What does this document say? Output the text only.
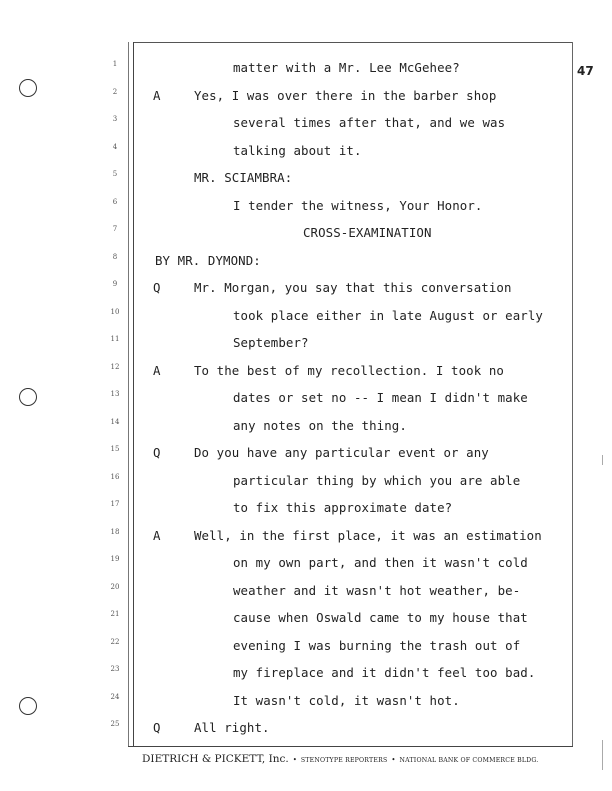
47
1
2
3
4
5
6
7
8
9
10
11
12
13
14
15
16
17
18
19
20
21
22
23
24
25
matter with a Mr. Lee McGehee?
A	Yes, I was over there in the barber shop
several times after that, and we was
talking about it.
MR. SCIAMBRA:
I tender the witness, Your Honor.
CROSS-EXAMINATION
BY MR. DYMOND:
Q	Mr. Morgan, you say that this conversation
took place either in late August or early
September?
A	To the best of my recollection. I took no
dates or set no -- I mean I didn't make
any notes on the thing.
Q	Do you have any particular event or any
particular thing by which you are able
to fix this approximate date?
A	Well, in the first place, it was an estimation
on my own part, and then it wasn't cold
weather and it wasn't hot weather, be-
cause when Oswald came to my house that
evening I was burning the trash out of
my fireplace and it didn't feel too bad.
It wasn't cold, it wasn't hot.
Q	All right.
DIETRICH & PICKETT, Inc. • STENOTYPE REPORTERS • NATIONAL BANK OF COMMERCE BLDG.
